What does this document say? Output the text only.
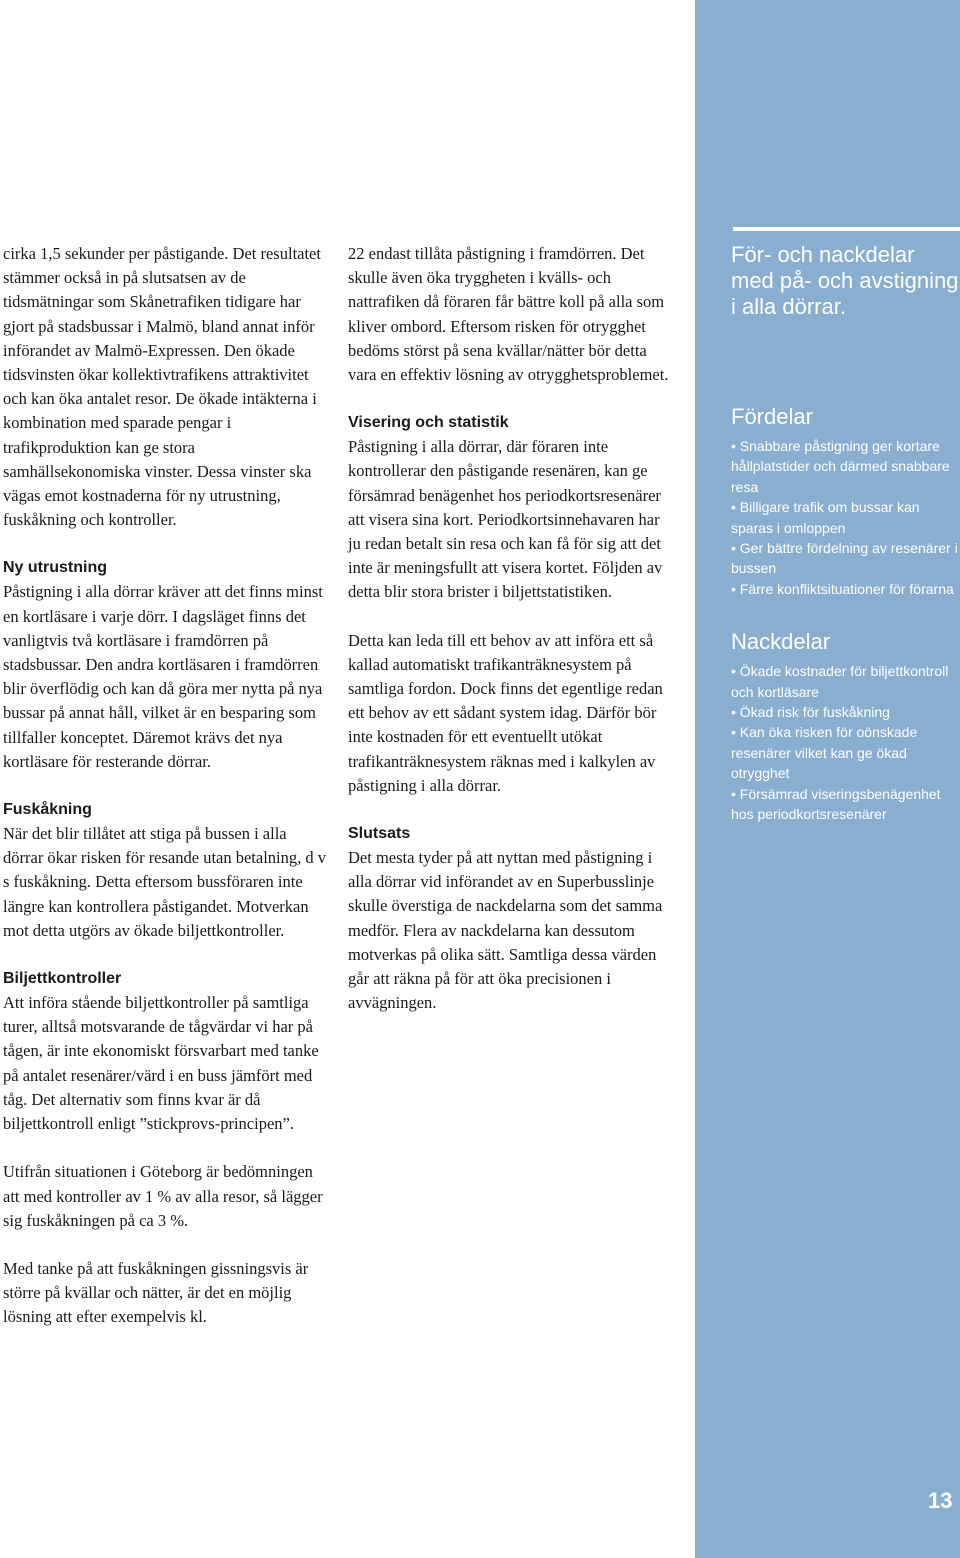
cirka 1,5 sekunder per påstigande. Det resultatet stämmer också in på slutsatsen av de tidsmätningar som Skånetrafiken tidigare har gjort på stadsbussar i Malmö, bland annat inför införandet av Malmö-Expressen. Den ökade tidsvinsten ökar kollektivtrafikens attraktivitet och kan öka antalet resor. De ökade intäkterna i kombination med sparade pengar i trafikproduktion kan ge stora samhällsekonomiska vinster. Dessa vinster ska vägas emot kostnaderna för ny utrustning, fuskåkning och kontroller.

Ny utrustning

Påstigning i alla dörrar kräver att det finns minst en kortläsare i varje dörr. I dagsläget finns det vanligtvis två kortläsare i framdörren på stadsbussar. Den andra kortläsaren i framdörren blir överflödig och kan då göra mer nytta på nya bussar på annat håll, vilket är en besparing som tillfaller konceptet. Däremot krävs det nya kortläsare för resterande dörrar.

Fuskåkning

När det blir tillåtet att stiga på bussen i alla dörrar ökar risken för resande utan betalning, d v s fuskåkning. Detta eftersom bussföraren inte längre kan kontrollera påstigandet. Motverkan mot detta utgörs av ökade biljettkontroller.

Biljettkontroller

Att införa stående biljettkontroller på samtliga turer, alltså motsvarande de tågvärdar vi har på tågen, är inte ekonomiskt försvarbart med tanke på antalet resenärer/värd i en buss jämfört med tåg. Det alternativ som finns kvar är då biljettkontroll enligt ”stickprovs-principen”.

Utifrån situationen i Göteborg är bedömningen att med kontroller av 1 % av alla resor, så lägger sig fuskåkningen på ca 3 %.

Med tanke på att fuskåkningen gissningsvis är större på kvällar och nätter, är det en möjlig lösning att efter exempelvis kl.

22 endast tillåta påstigning i framdörren. Det skulle även öka tryggheten i kvälls- och nattrafiken då föraren får bättre koll på alla som kliver ombord. Eftersom risken för otrygghet bedöms störst på sena kvällar/nätter bör detta vara en effektiv lösning av otrygghetsproblemet.

Visering och statistik

Påstigning i alla dörrar, där föraren inte kontrollerar den påstigande resenären, kan ge försämrad benägenhet hos periodkortsresenärer att visera sina kort. Periodkortsinnehavaren har ju redan betalt sin resa och kan få för sig att det inte är meningsfullt att visera kortet. Följden av detta blir stora brister i biljettstatistiken.

Detta kan leda till ett behov av att införa ett så kallad automatiskt trafikanträknesystem på samtliga fordon. Dock finns det egentlige redan ett behov av ett sådant system idag. Därför bör inte kostnaden för ett eventuellt utökat trafikanträknesystem räknas med i kalkylen av påstigning i alla dörrar.

Slutsats

Det mesta tyder på att nyttan med påstigning i alla dörrar vid införandet av en Superbusslinje skulle överstiga de nackdelarna som det samma medför. Flera av nackdelarna kan dessutom motverkas på olika sätt. Samtliga dessa värden går att räkna på för att öka precisionen i avvägningen.

För- och nackdelar med på- och avstigning i alla dörrar.
Fördelar
• Snabbare påstigning ger kortare hållplatstider och därmed snabbare resa
• Billigare trafik om bussar kan sparas i omloppen
• Ger bättre fördelning av resenärer i bussen
• Färre konfliktsituationer för förarna
Nackdelar
• Ökade kostnader för biljettkontroll och kortläsare
• Ökad risk för fuskåkning
• Kan öka risken för oönskade resenärer vilket kan ge ökad otrygghet
• Försämrad viseringsbenägenhet hos periodkortsresenärer
13
